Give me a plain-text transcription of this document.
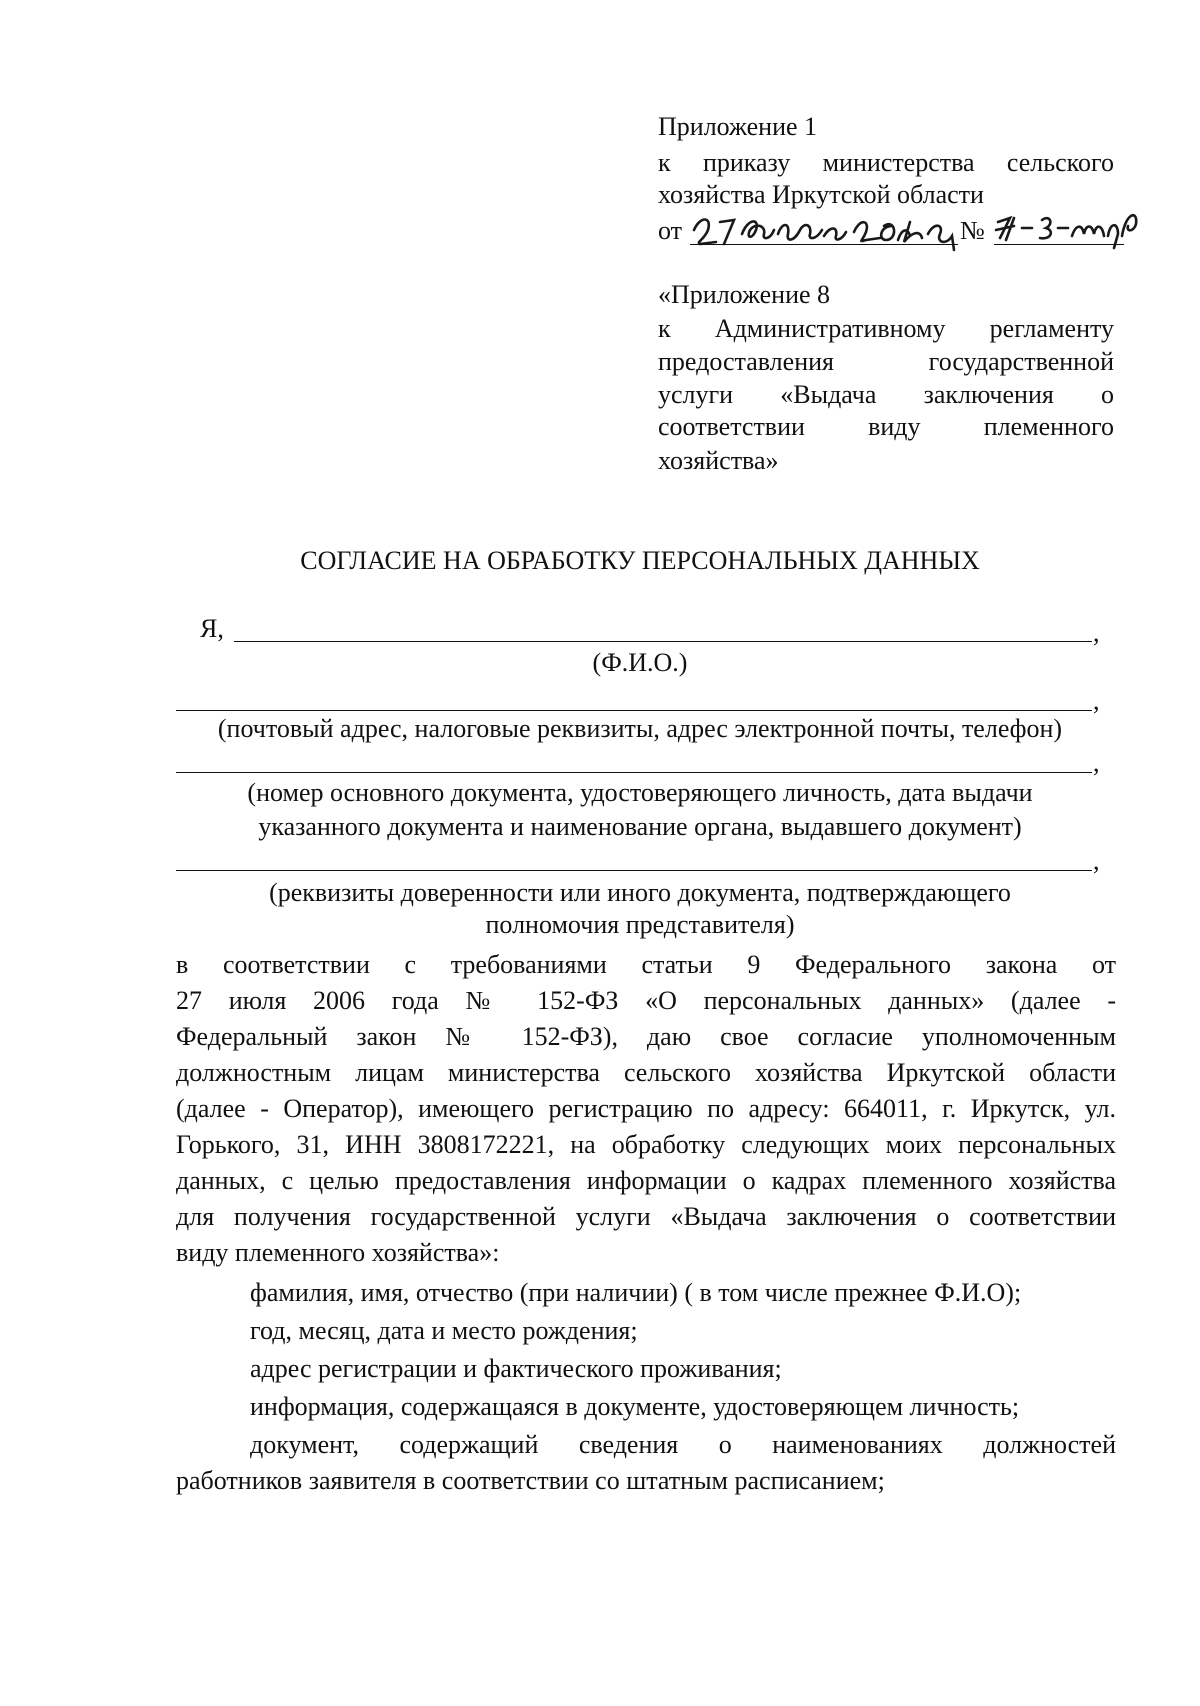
Приложение 1
к приказу министерства сельского
хозяйства Иркутской области
от	№
«Приложение 8
к Административному регламенту
предоставления государственной
услуги «Выдача заключения о
соответствии виду племенного
хозяйства»
СОГЛАСИЕ НА ОБРАБОТКУ ПЕРСОНАЛЬНЫХ ДАННЫХ
Я,	,
(Ф.И.О.)
,
(почтовый адрес, налоговые реквизиты, адрес электронной почты, телефон)
,
(номер основного документа, удостоверяющего личность, дата выдачи
указанного документа и наименование органа, выдавшего документ)
,
(реквизиты доверенности или иного документа, подтверждающего
полномочия представителя)
в соответствии с требованиями статьи 9 Федерального закона от
27 июля 2006 года № 152-ФЗ «О персональных данных» (далее -
Федеральный закон № 152-ФЗ), даю свое согласие уполномоченным
должностным лицам министерства сельского хозяйства Иркутской области
(далее - Оператор), имеющего регистрацию по адресу: 664011, г. Иркутск, ул.
Горького, 31, ИНН 3808172221, на обработку следующих моих персональных
данных, с целью предоставления информации о кадрах племенного хозяйства
для получения государственной услуги «Выдача заключения о соответствии
виду племенного хозяйства»:
фамилия, имя, отчество (при наличии) ( в том числе прежнее Ф.И.О);
год, месяц, дата и место рождения;
адрес регистрации и фактического проживания;
информация, содержащаяся в документе, удостоверяющем личность;
документ, содержащий сведения о наименованиях должностей
работников заявителя в соответствии со штатным расписанием;
